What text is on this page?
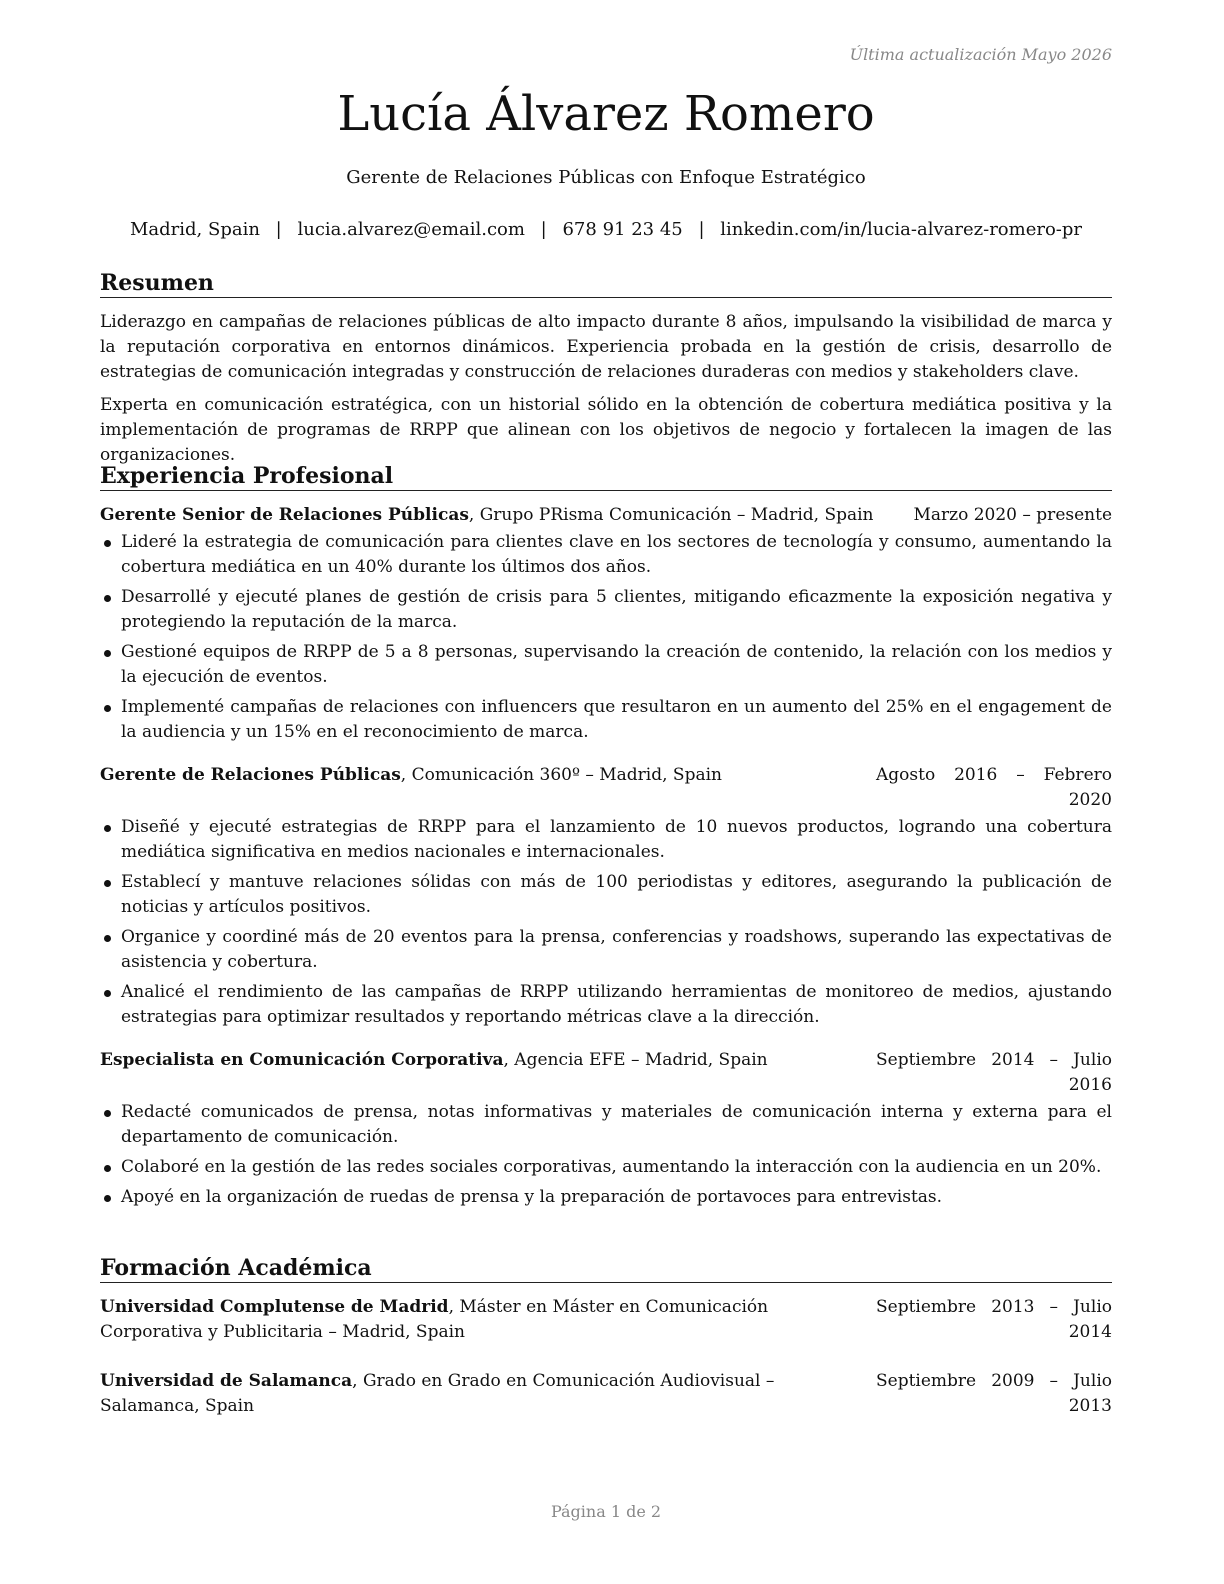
Última actualización Mayo 2026
Lucía Álvarez Romero
Gerente de Relaciones Públicas con Enfoque Estratégico
Madrid, Spain | lucia.alvarez@email.com | 678 91 23 45 | linkedin.com/in/lucia-alvarez-romero-pr
Resumen

Liderazgo en campañas de relaciones públicas de alto impacto durante 8 años, impulsando la visibilidad de marca y la reputación corporativa en entornos dinámicos. Experiencia probada en la gestión de crisis, desarrollo de estrategias de comunicación integradas y construcción de relaciones duraderas con medios y stakeholders clave.

Experta en comunicación estratégica, con un historial sólido en la obtención de cobertura mediática positiva y la implementación de programas de RRPP que alinean con los objetivos de negocio y fortalecen la imagen de las organizaciones.

Experiencia Profesional
Gerente Senior de Relaciones Públicas, Grupo PRisma Comunicación – Madrid, Spain	Marzo 2020 – presente
Lideré la estrategia de comunicación para clientes clave en los sectores de tecnología y consumo, aumentando la cobertura mediática en un 40% durante los últimos dos años.
Desarrollé y ejecuté planes de gestión de crisis para 5 clientes, mitigando eficazmente la exposición negativa y protegiendo la reputación de la marca.
Gestioné equipos de RRPP de 5 a 8 personas, supervisando la creación de contenido, la relación con los medios y la ejecución de eventos.
Implementé campañas de relaciones con influencers que resultaron en un aumento del 25% en el engagement de la audiencia y un 15% en el reconocimiento de marca.
Gerente de Relaciones Públicas, Comunicación 360º – Madrid, Spain	Agosto 2016 – Febrero 2020
Diseñé y ejecuté estrategias de RRPP para el lanzamiento de 10 nuevos productos, logrando una cobertura mediática significativa en medios nacionales e internacionales.
Establecí y mantuve relaciones sólidas con más de 100 periodistas y editores, asegurando la publicación de noticias y artículos positivos.
Organice y coordiné más de 20 eventos para la prensa, conferencias y roadshows, superando las expectativas de asistencia y cobertura.
Analicé el rendimiento de las campañas de RRPP utilizando herramientas de monitoreo de medios, ajustando estrategias para optimizar resultados y reportando métricas clave a la dirección.
Especialista en Comunicación Corporativa, Agencia EFE – Madrid, Spain	Septiembre 2014 – Julio 2016
Redacté comunicados de prensa, notas informativas y materiales de comunicación interna y externa para el departamento de comunicación.
Colaboré en la gestión de las redes sociales corporativas, aumentando la interacción con la audiencia en un 20%.
Apoyé en la organización de ruedas de prensa y la preparación de portavoces para entrevistas.
Formación Académica
Universidad Complutense de Madrid, Máster en Máster en Comunicación Corporativa y Publicitaria – Madrid, Spain
Septiembre 2013 – Julio 2014
Universidad de Salamanca, Grado en Grado en Comunicación Audiovisual – Salamanca, Spain
Septiembre 2009 – Julio 2013
Página 1 de 2
